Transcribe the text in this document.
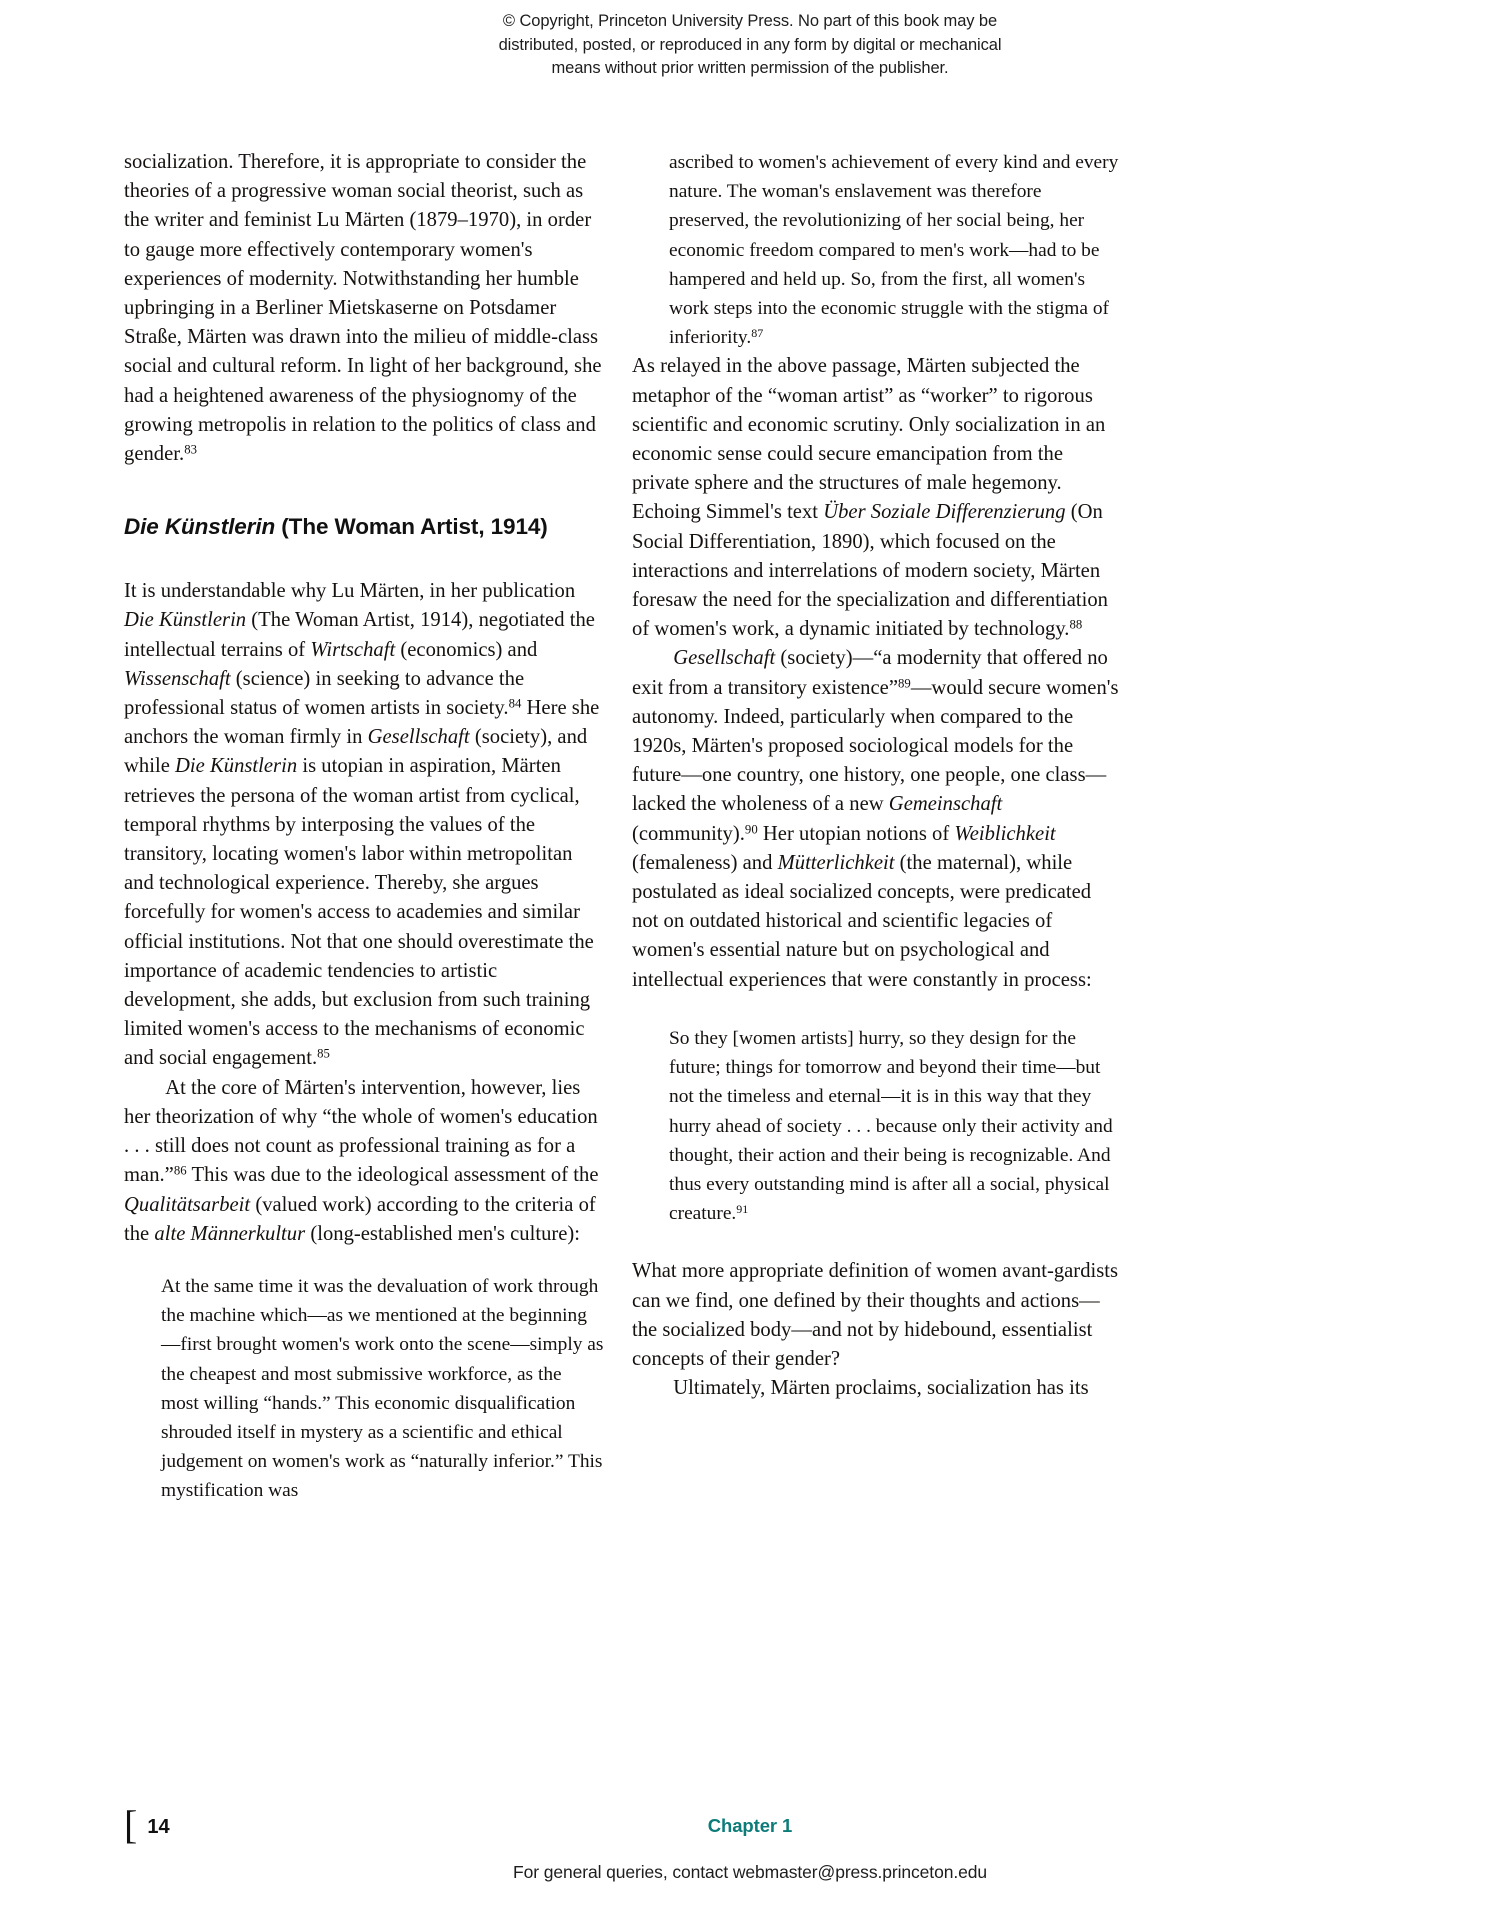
© Copyright, Princeton University Press. No part of this book may be
distributed, posted, or reproduced in any form by digital or mechanical
means without prior written permission of the publisher.

socialization. Therefore, it is appropriate to consider the theories of a progressive woman social theorist, such as the writer and feminist Lu Märten (1879–1970), in order to gauge more effectively contemporary women's experiences of modernity. Notwithstanding her humble upbringing in a Berliner Mietskaserne on Potsdamer Straße, Märten was drawn into the milieu of middle-class social and cultural reform. In light of her background, she had a heightened awareness of the physiognomy of the growing metropolis in relation to the politics of class and gender.$^{83}$

Die Künstlerin (The Woman Artist, 1914)

It is understandable why Lu Märten, in her publication Die Künstlerin (The Woman Artist, 1914), negotiated the intellectual terrains of Wirtschaft (economics) and Wissenschaft (science) in seeking to advance the professional status of women artists in society.$^{84}$ Here she anchors the woman firmly in Gesellschaft (society), and while Die Künstlerin is utopian in aspiration, Märten retrieves the persona of the woman artist from cyclical, temporal rhythms by interposing the values of the transitory, locating women's labor within metropolitan and technological experience. Thereby, she argues forcefully for women's access to academies and similar official institutions. Not that one should overestimate the importance of academic tendencies to artistic development, she adds, but exclusion from such training limited women's access to the mechanisms of economic and social engagement.$^{85}$

At the core of Märten's intervention, however, lies her theorization of why “the whole of women's education . . . still does not count as professional training as for a man.”$^{86}$ This was due to the ideological assessment of the Qualitätsarbeit (valued work) according to the criteria of the alte Männerkultur (long-established men's culture):

At the same time it was the devaluation of work through the machine which—as we mentioned at the beginning—first brought women's work onto the scene—simply as the cheapest and most submissive workforce, as the most willing “hands.” This economic disqualification shrouded itself in mystery as a scientific and ethical judgement on women's work as “naturally inferior.” This mystification was

ascribed to women's achievement of every kind and every nature. The woman's enslavement was therefore preserved, the revolutionizing of her social being, her economic freedom compared to men's work—had to be hampered and held up. So, from the first, all women's work steps into the economic struggle with the stigma of inferiority.$^{87}$

As relayed in the above passage, Märten subjected the metaphor of the “woman artist” as “worker” to rigorous scientific and economic scrutiny. Only socialization in an economic sense could secure emancipation from the private sphere and the structures of male hegemony. Echoing Simmel's text Über Soziale Differenzierung (On Social Differentiation, 1890), which focused on the interactions and interrelations of modern society, Märten foresaw the need for the specialization and differentiation of women's work, a dynamic initiated by technology.$^{88}$

Gesellschaft (society)—“a modernity that offered no exit from a transitory existence”$^{89}$—would secure women's autonomy. Indeed, particularly when compared to the 1920s, Märten's proposed sociological models for the future—one country, one history, one people, one class—lacked the wholeness of a new Gemeinschaft (community).$^{90}$ Her utopian notions of Weiblichkeit (femaleness) and Mütterlichkeit (the maternal), while postulated as ideal socialized concepts, were predicated not on outdated historical and scientific legacies of women's essential nature but on psychological and intellectual experiences that were constantly in process:

So they [women artists] hurry, so they design for the future; things for tomorrow and beyond their time—but not the timeless and eternal—it is in this way that they hurry ahead of society . . . because only their activity and thought, their action and their being is recognizable. And thus every outstanding mind is after all a social, physical creature.$^{91}$

What more appropriate definition of women avant-gardists can we find, one defined by their thoughts and actions—the socialized body—and not by hidebound, essentialist concepts of their gender?

Ultimately, Märten proclaims, socialization has its

[ 14	Chapter 1
For general queries, contact webmaster@press.princeton.edu
